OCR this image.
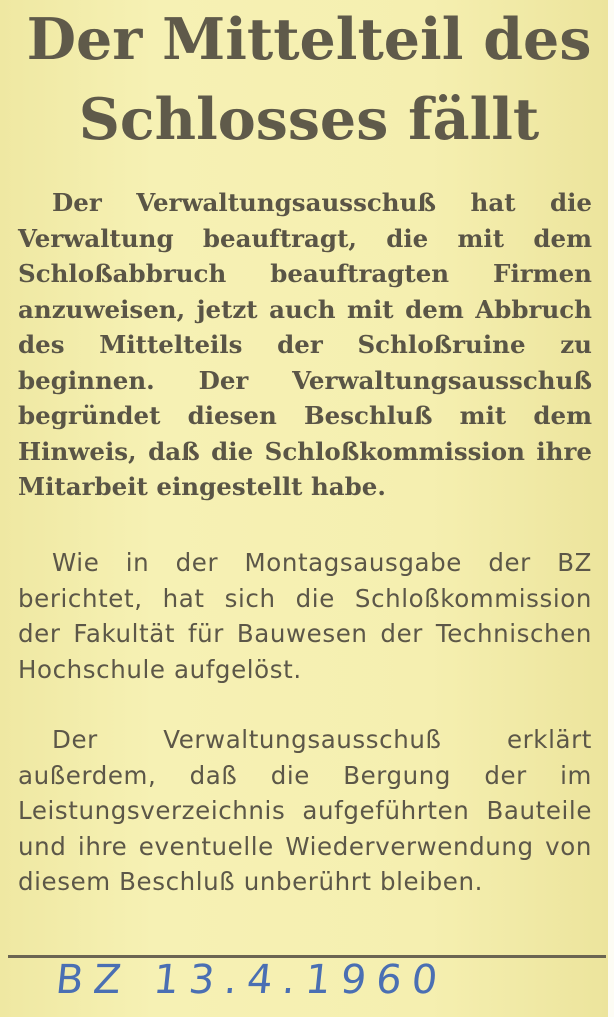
Der Mittelteil des Schlosses fällt

Der Verwaltungsausschuß hat die Verwaltung beauftragt, die mit dem Schloßabbruch beauftragten Firmen anzuweisen, jetzt auch mit dem Abbruch des Mittelteils der Schloßruine zu beginnen. Der Verwaltungsausschuß begründet diesen Beschluß mit dem Hinweis, daß die Schloßkommission ihre Mitarbeit eingestellt habe.

Wie in der Montagsausgabe der BZ berichtet, hat sich die Schloßkommission der Fakultät für Bauwesen der Technischen Hochschule aufgelöst.

Der Verwaltungsausschuß erklärt außerdem, daß die Bergung der im Leistungsverzeichnis aufgeführten Bauteile und ihre eventuelle Wiederverwendung von diesem Beschluß unberührt bleiben.

BZ 13.4.1960
